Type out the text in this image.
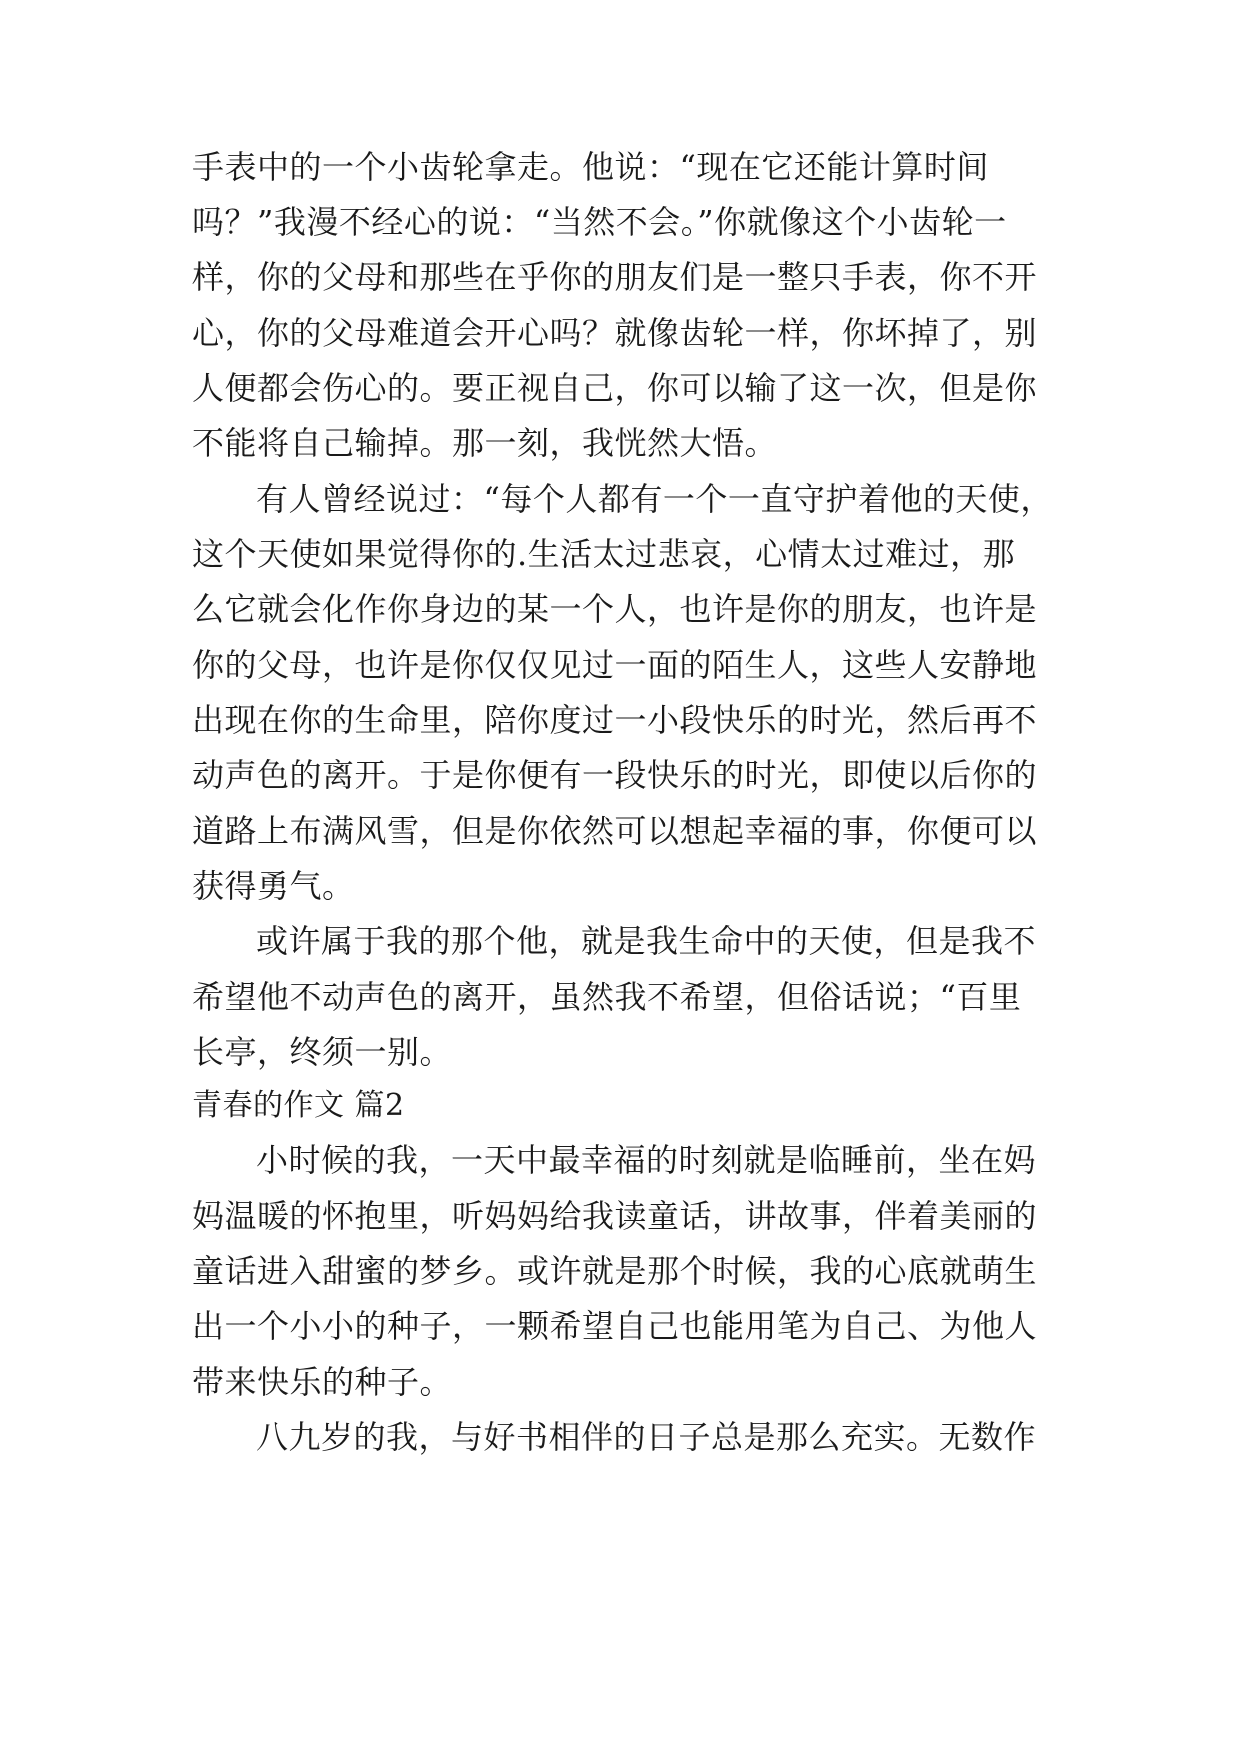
手表中的一个小齿轮拿走。他说：“现在它还能计算时间
吗？”我漫不经心的说：“当然不会。”你就像这个小齿轮一
样，你的父母和那些在乎你的朋友们是一整只手表，你不开
心，你的父母难道会开心吗？就像齿轮一样，你坏掉了，别
人便都会伤心的。要正视自己，你可以输了这一次，但是你
不能将自己输掉。那一刻，我恍然大悟。
有人曾经说过：“每个人都有一个一直守护着他的天使，
这个天使如果觉得你的.生活太过悲哀，心情太过难过，那
么它就会化作你身边的某一个人，也许是你的朋友，也许是
你的父母，也许是你仅仅见过一面的陌生人，这些人安静地
出现在你的生命里，陪你度过一小段快乐的时光，然后再不
动声色的离开。于是你便有一段快乐的时光，即使以后你的
道路上布满风雪，但是你依然可以想起幸福的事，你便可以
获得勇气。
或许属于我的那个他，就是我生命中的天使，但是我不
希望他不动声色的离开，虽然我不希望，但俗话说；“百里
长亭，终须一别。
青春的作文 篇2
小时候的我，一天中最幸福的时刻就是临睡前，坐在妈
妈温暖的怀抱里，听妈妈给我读童话，讲故事，伴着美丽的
童话进入甜蜜的梦乡。或许就是那个时候，我的心底就萌生
出一个小小的种子，一颗希望自己也能用笔为自己、为他人
带来快乐的种子。
八九岁的我，与好书相伴的日子总是那么充实。无数作
